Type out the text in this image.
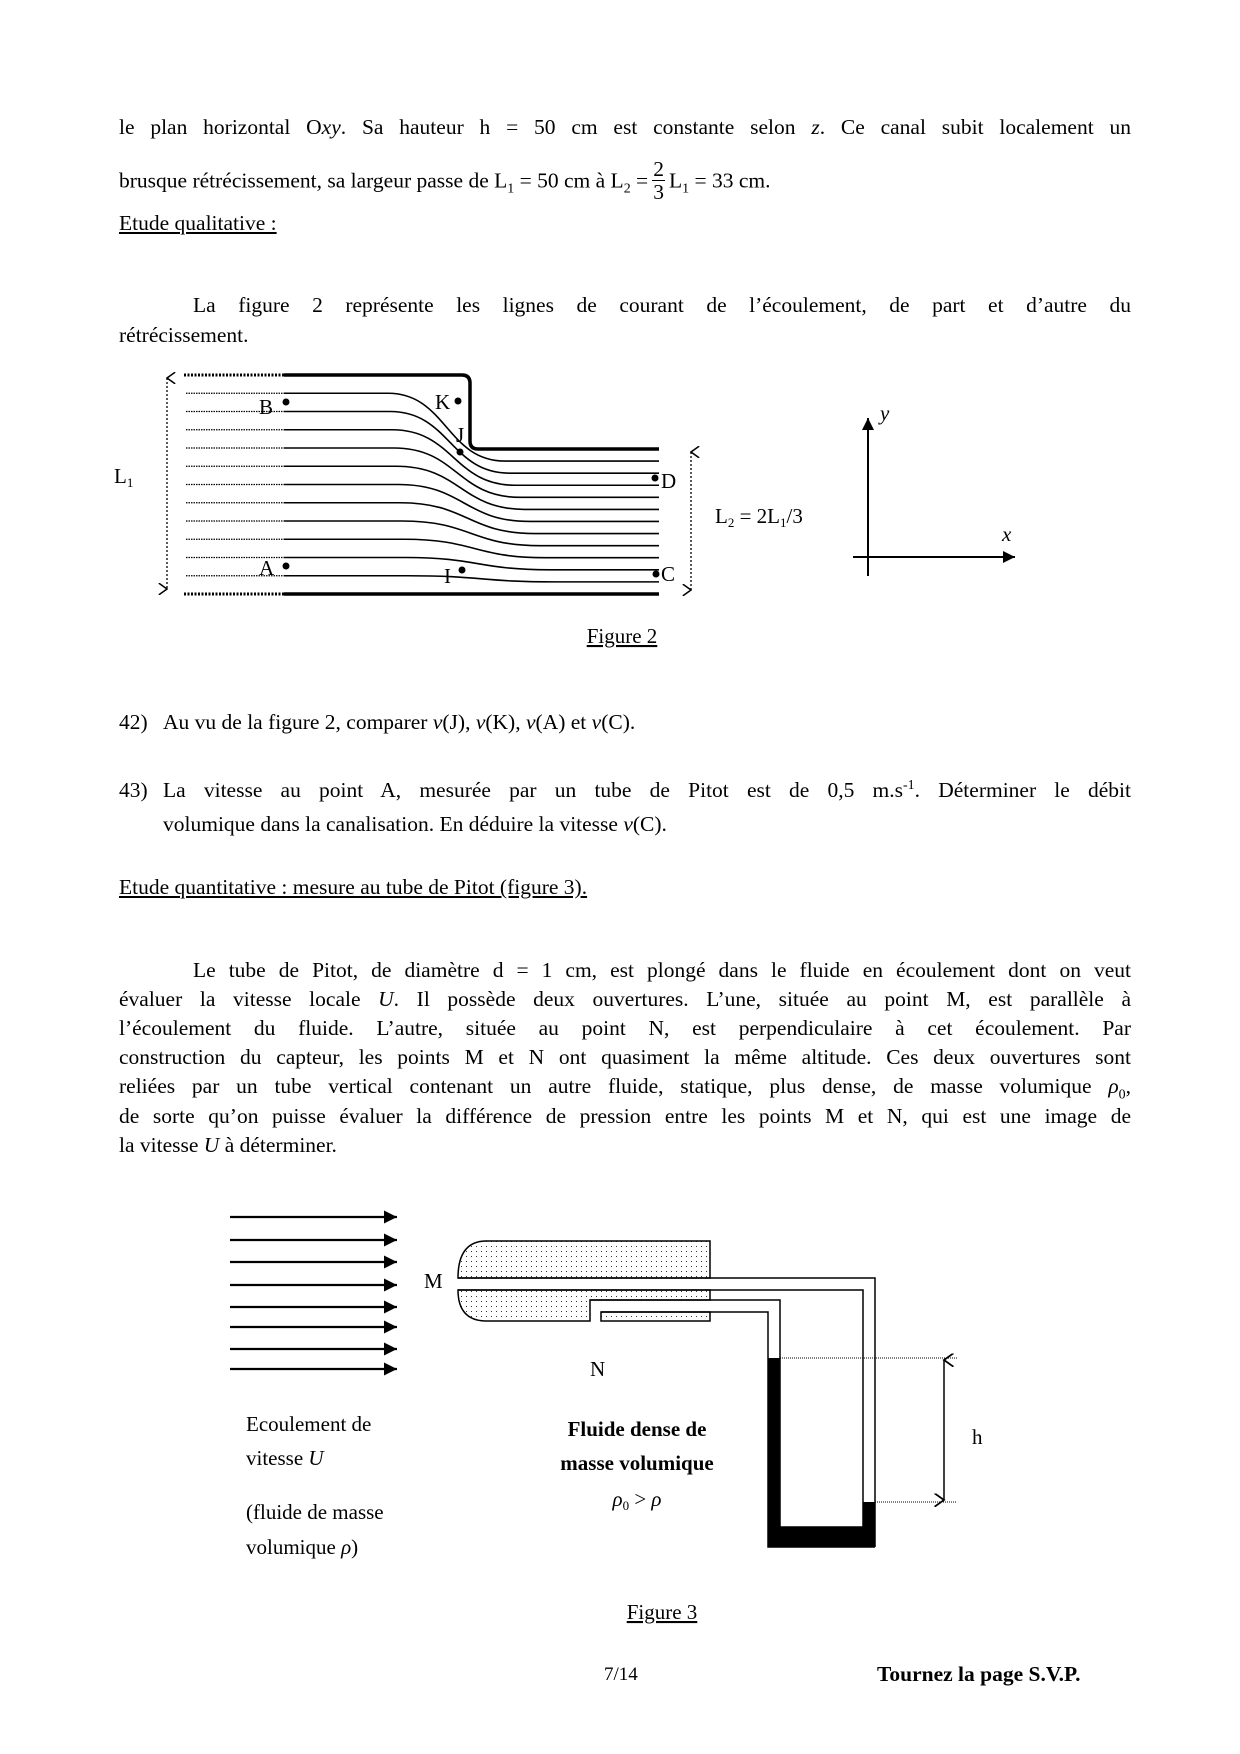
le plan horizontal Oxy. Sa hauteur h = 50 cm est constante selon z. Ce canal subit localement un
brusque rétrécissement, sa largeur passe de $L_1 = 50$ cm à $L_2 = \frac{2}{3} L_1 = 33$ cm.
Etude qualitative :
La figure 2 représente les lignes de courant de l’écoulement, de part et d’autre du
rétrécissement.
L1
L2 = 2L1/3
B	K
J
D
C
A	I
y
x
Figure 2
h
M
N
Ecoulement de
vitesse U
(fluide de masse
volumique ρ)
Fluide dense de
masse volumique
ρ0 > ρ
Figure 3
42) Au vu de la figure 2, comparer v(J), v(K), v(A) et v(C).
43) La vitesse au point A, mesurée par un tube de Pitot est de 0,5 $m.s^{-1}$. Déterminer le débit
volumique dans la canalisation. En déduire la vitesse v(C).
Etude quantitative : mesure au tube de Pitot (figure 3).
Le tube de Pitot, de diamètre d = 1 cm, est plongé dans le fluide en écoulement dont on veut
évaluer la vitesse locale U. Il possède deux ouvertures. L’une, située au point M, est parallèle à
l’écoulement du fluide. L’autre, située au point N, est perpendiculaire à cet écoulement. Par
construction du capteur, les points M et N ont quasiment la même altitude. Ces deux ouvertures sont
reliées par un tube vertical contenant un autre fluide, statique, plus dense, de masse volumique $\rho_0$,
de sorte qu’on puisse évaluer la différence de pression entre les points M et N, qui est une image de
la vitesse U à déterminer.
7/14	Tournez la page S.V.P.
